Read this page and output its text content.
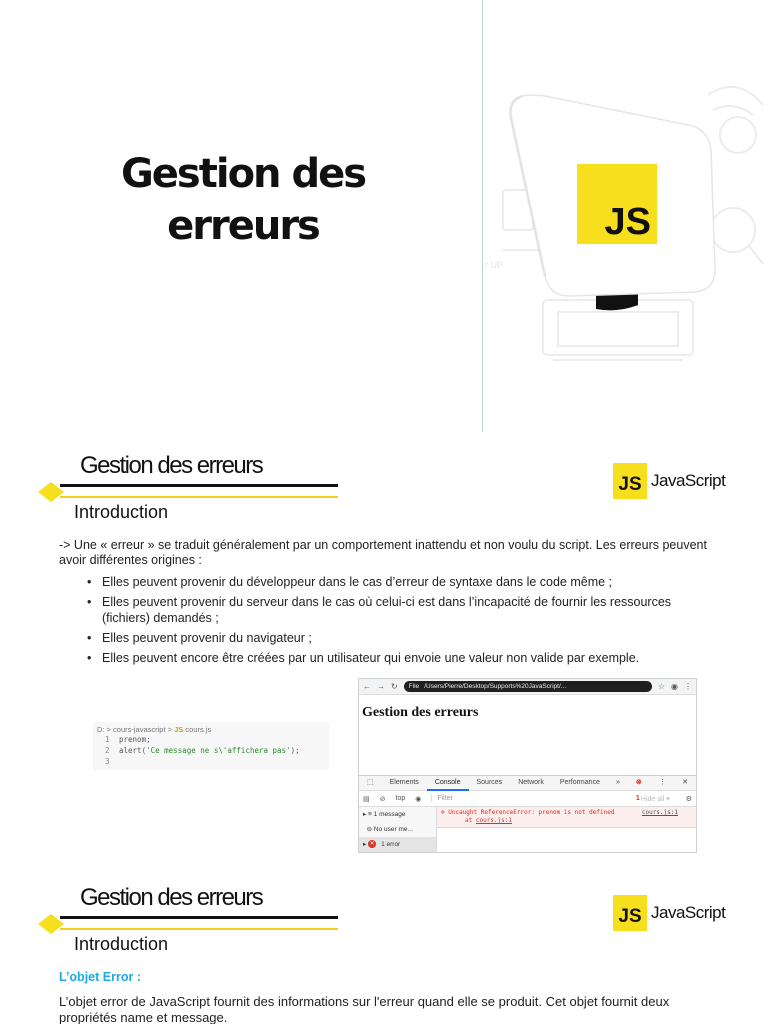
Gestion des
erreurs
r UP
JS
Gestion des erreurs
Introduction
JS JavaScript
-> Une « erreur » se traduit généralement par un comportement inattendu et non voulu du script. Les erreurs peuvent avoir différentes origines :
• Elles peuvent provenir du développeur dans le cas d’erreur de syntaxe dans le code même ;
• Elles peuvent provenir du serveur dans le cas où celui-ci est dans l’incapacité de fournir les ressources (fichiers) demandés ;
• Elles peuvent provenir du navigateur ;
• Elles peuvent encore être créées par un utilisateur qui envoie une valeur non valide par exemple.
D: > cours-javascript > JS cours.js
1 prenom;
2 alert('Ce message ne s\'affichera pas');
3
← → ↻ File /Users/Pierre/Desktop/Supports%20JavaScript/...	☆ ◉ ⋮
Gestion des erreurs
⬚	Elements	Console	Sources	Network	Performance	»	⊗ 1
⋮	✕
▤ ⊘ top ◉	Filter	Hide all ▾ ⚙
▸ ≡ 1 message
⊖ No user me...
▸ ✕ 1 error
⊗ Uncaught ReferenceError: prenom is not defined	cours.js:1
at cours.js:1
Gestion des erreurs
Introduction
JS JavaScript
L’objet Error :
L’objet error de JavaScript fournit des informations sur l'erreur quand elle se produit. Cet objet fournit deux propriétés name et message.
